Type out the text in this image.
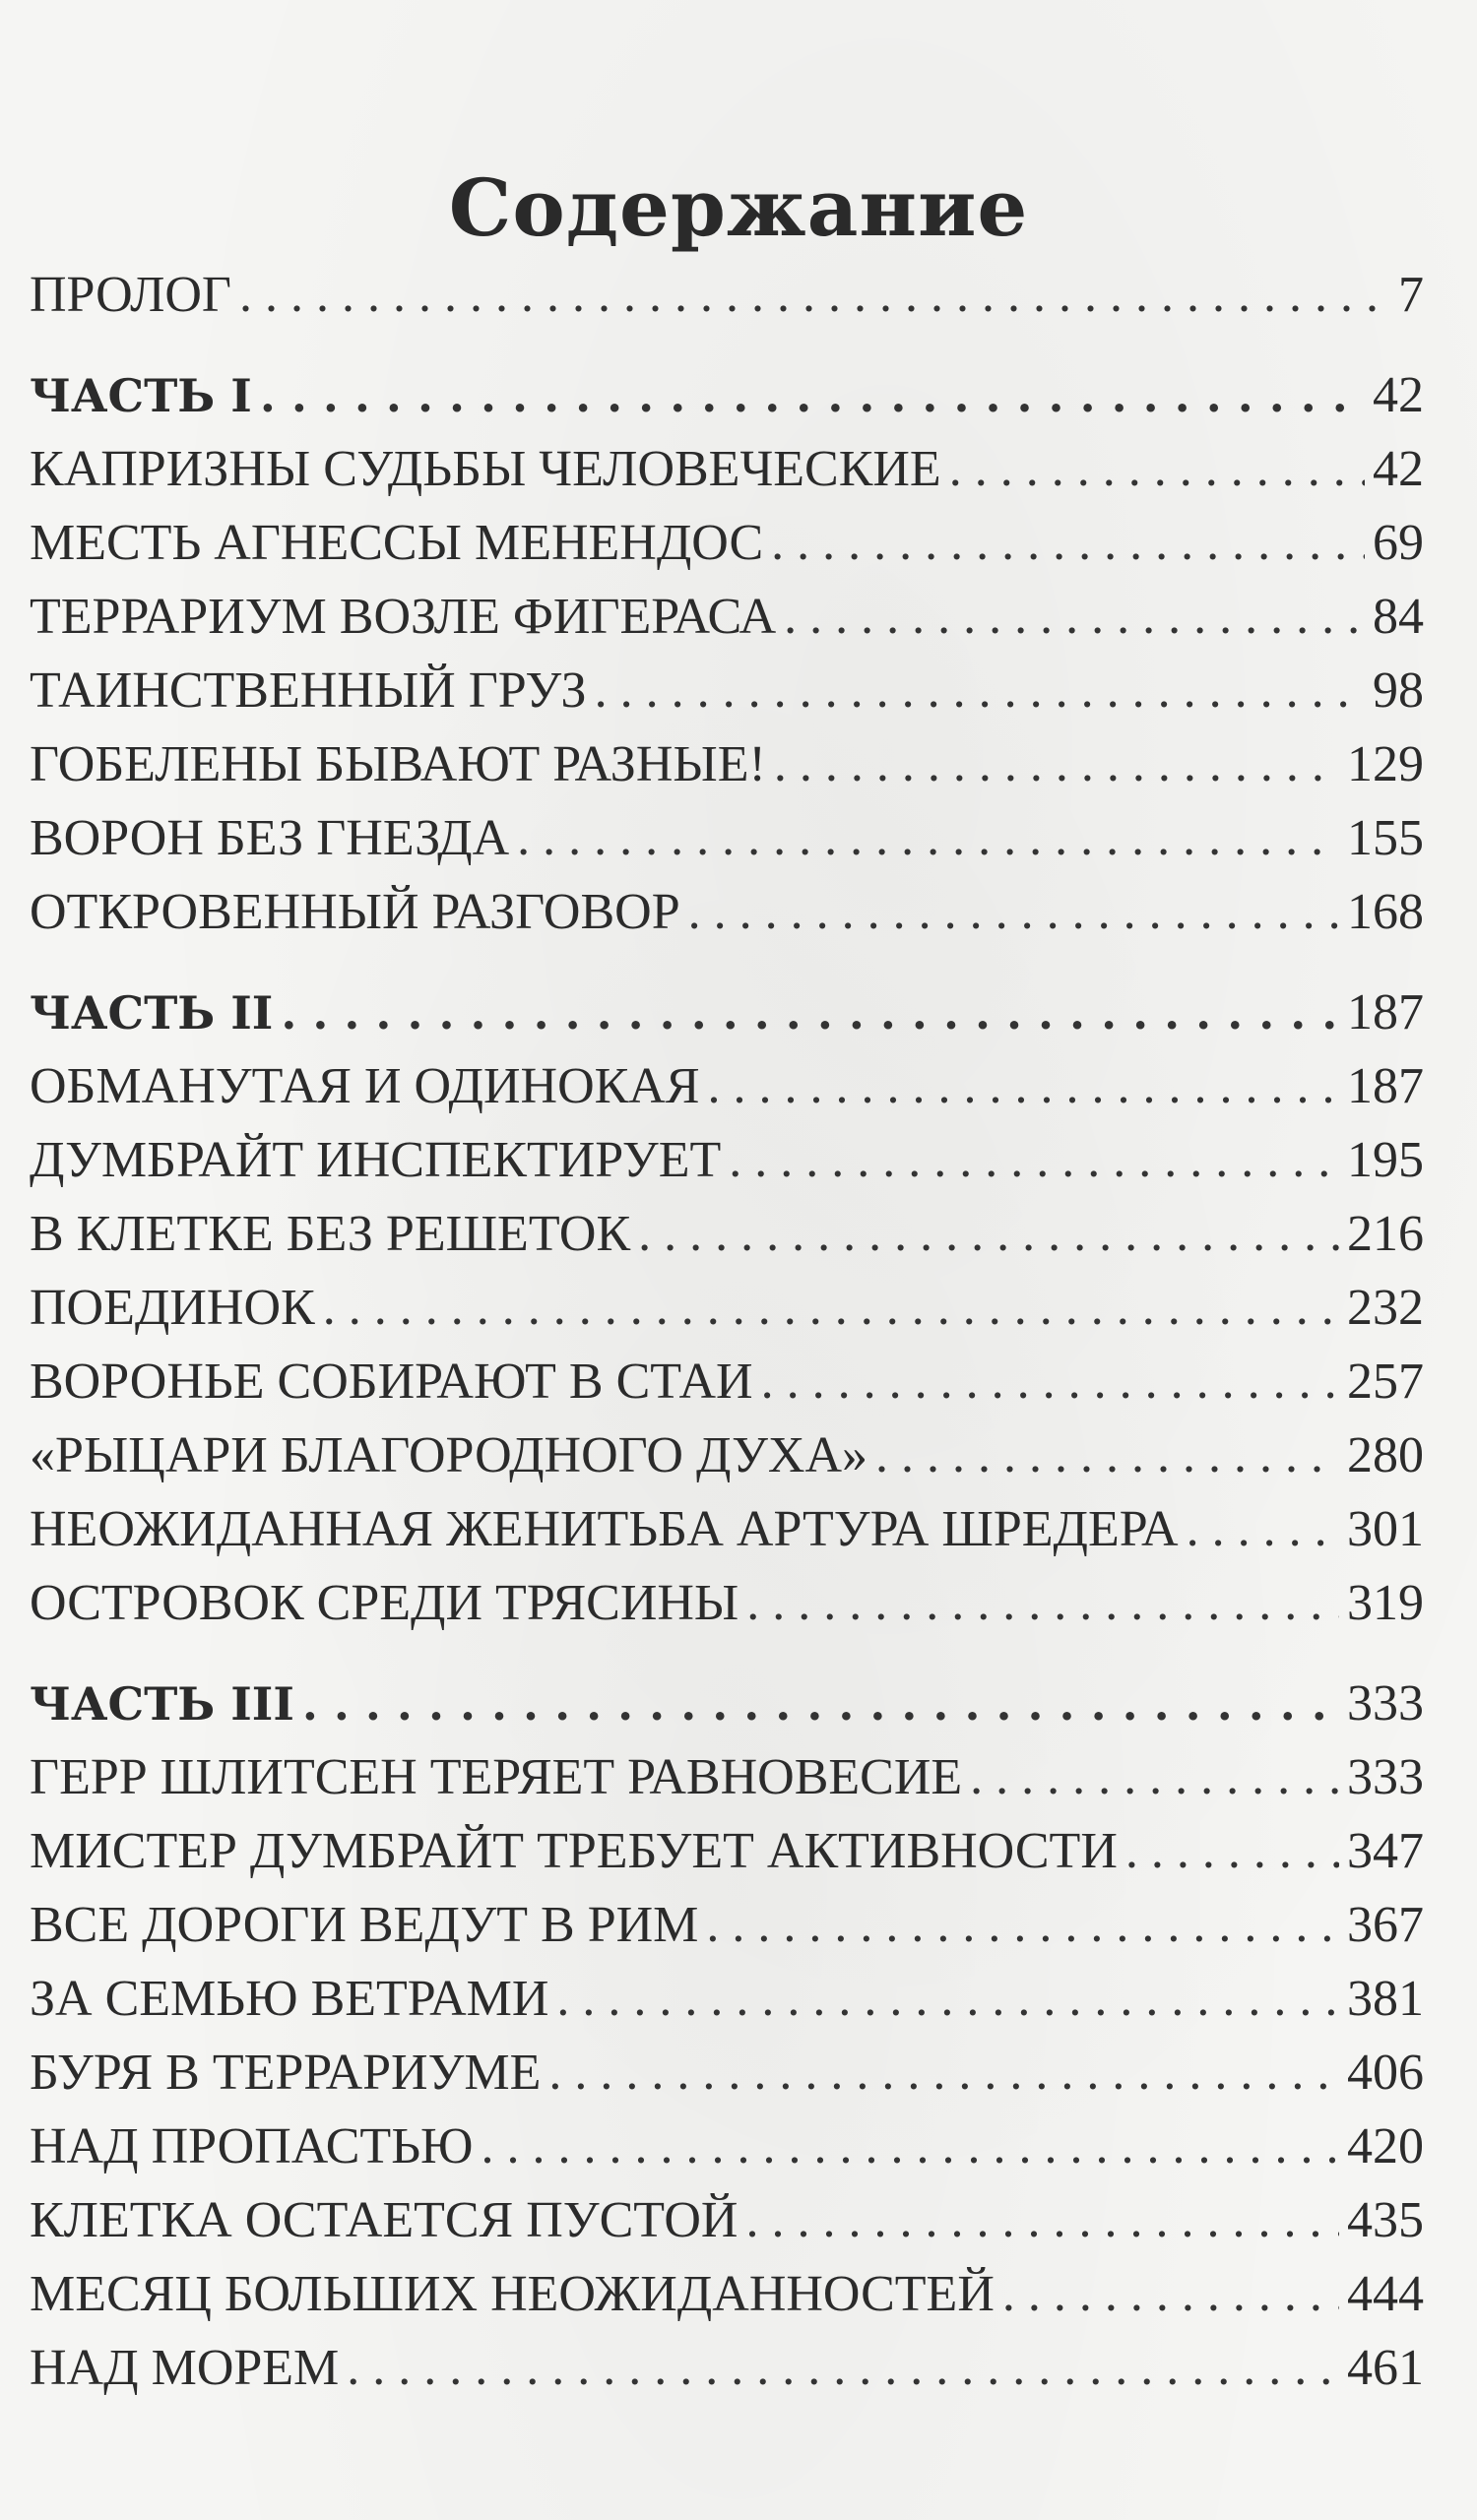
Содержание
ПРОЛОГ . . .	7
ЧАСТЬ I . . .	42
КАПРИЗНЫ СУДЬБЫ ЧЕЛОВЕЧЕСКИЕ . . .	42
МЕСТЬ АГНЕССЫ МЕНЕНДОС . . .	69
ТЕРРАРИУМ ВОЗЛЕ ФИГЕРАСА . . .	84
ТАИНСТВЕННЫЙ ГРУЗ . . .	98
ГОБЕЛЕНЫ БЫВАЮТ РАЗНЫЕ! . . .	129
ВОРОН БЕЗ ГНЕЗДА . . .	155
ОТКРОВЕННЫЙ РАЗГОВОР . . .	168
ЧАСТЬ II . . .	187
ОБМАНУТАЯ И ОДИНОКАЯ . . .	187
ДУМБРАЙТ ИНСПЕКТИРУЕТ . . .	195
В КЛЕТКЕ БЕЗ РЕШЕТОК . . .	216
ПОЕДИНОК . . .	232
ВОРОНЬЕ СОБИРАЮТ В СТАИ . . .	257
«РЫЦАРИ БЛАГОРОДНОГО ДУХА» . . .	280
НЕОЖИДАННАЯ ЖЕНИТЬБА АРТУРА ШРЕДЕРА . . .	301
ОСТРОВОК СРЕДИ ТРЯСИНЫ . . .	319
ЧАСТЬ III . . .	333
ГЕРР ШЛИТСЕН ТЕРЯЕТ РАВНОВЕСИЕ . . .	333
МИСТЕР ДУМБРАЙТ ТРЕБУЕТ АКТИВНОСТИ . . .	347
ВСЕ ДОРОГИ ВЕДУТ В РИМ . . .	367
ЗА СЕМЬЮ ВЕТРАМИ . . .	381
БУРЯ В ТЕРРАРИУМЕ . . .	406
НАД ПРОПАСТЬЮ . . .	420
КЛЕТКА ОСТАЕТСЯ ПУСТОЙ . . .	435
МЕСЯЦ БОЛЬШИХ НЕОЖИДАННОСТЕЙ . . .	444
НАД МОРЕМ . . .	461
